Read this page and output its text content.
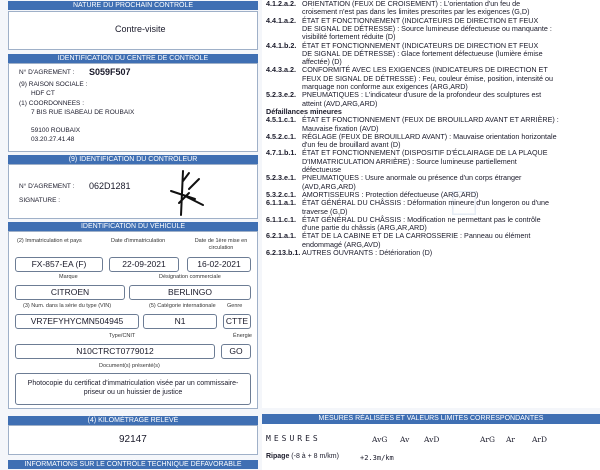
NATURE DU PROCHAIN CONTRÔLE
Contre-visite
IDENTIFICATION DU CENTRE DE CONTRÔLE
N° D'AGREMENT : S059F507
(9) RAISON SOCIALE :
HDF CT
(1) COORDONNEES :
7 BIS RUE ISABEAU DE ROUBAIX
59100 ROUBAIX
03.20.27.41.48
(9) IDENTIFICATION DU CONTRÔLEUR
N° D'AGREMENT : 062D1281
SIGNATURE :
IDENTIFICATION DU VÉHICULE
(2) Immatriculation et pays	Date d'immatriculation	Date de 1ère mise en circulation
FX-857-EA (F)	22-09-2021	16-02-2021
Marque	Désignation commerciale
CITROEN	BERLINGO
(3) Num. dans la série du type (VIN)	(5) Catégorie internationale Genre
VR7EFYHYCMN504945	N1	CTTE
Type/CNIT	Énergie
N10CTRCT0779012	GO
Document(s) présenté(s)
Photocopie du certificat d'immatriculation visée par un commissaire-priseur ou un huissier de justice
(4) KILOMÉTRAGE RELEVÉ
92147
INFORMATIONS SUR LE CONTRÔLE TECHNIQUE DÉFAVORABLE
□
4.1.2.a.2. ORIENTATION (FEUX DE CROISEMENT) : L'orientation d'un feu de
croisement n'est pas dans les limites prescrites par les exigences (G,D)
4.4.1.a.2. ÉTAT ET FONCTIONNEMENT (INDICATEURS DE DIRECTION ET FEUX
DE SIGNAL DE DÉTRESSE) : Source lumineuse défectueuse ou manquante :
visibilité fortement réduite (D)
4.4.1.b.2. ÉTAT ET FONCTIONNEMENT (INDICATEURS DE DIRECTION ET FEUX
DE SIGNAL DE DÉTRESSE) : Glace fortement défectueuse (lumière émise
affectée) (D)
4.4.3.a.2. CONFORMITÉ AVEC LES EXIGENCES (INDICATEURS DE DIRECTION ET
FEUX DE SIGNAL DE DÉTRESSE) : Feu, couleur émise, position, intensité ou
marquage non conforme aux exigences (ARG,ARD)
5.2.3.e.2. PNEUMATIQUES : L'indicateur d'usure de la profondeur des sculptures est
atteint (AVD,ARG,ARD)
Défaillances mineures
4.5.1.c.1. ÉTAT ET FONCTIONNEMENT (FEUX DE BROUILLARD AVANT ET ARRIÈRE) :
Mauvaise fixation (AVD)
4.5.2.c.1. RÉGLAGE (FEUX DE BROUILLARD AVANT) : Mauvaise orientation horizontale
d'un feu de brouillard avant (D)
4.7.1.b.1. ÉTAT ET FONCTIONNEMENT (DISPOSITIF D'ÉCLAIRAGE DE LA PLAQUE
D'IMMATRICULATION ARRIÈRE) : Source lumineuse partiellement
défectueuse
5.2.3.e.1. PNEUMATIQUES : Usure anormale ou présence d'un corps étranger
(AVD,ARG,ARD)
5.3.2.c.1. AMORTISSEURS : Protection défectueuse (ARG,ARD)
6.1.1.a.1. ÉTAT GÉNÉRAL DU CHÂSSIS : Déformation mineure d'un longeron ou d'une
traverse (G,D)
6.1.1.c.1. ÉTAT GÉNÉRAL DU CHÂSSIS : Modification ne permettant pas le contrôle
d'une partie du châssis (ARG,AR,ARD)
6.2.1.a.1. ÉTAT DE LA CABINE ET DE LA CARROSSERIE : Panneau ou élément
endommagé (ARG,AVD)
6.2.13.b.1. AUTRES OUVRANTS : Détérioration (D)
MESURES RÉALISÉES ET VALEURS LIMITES CORRESPONDANTES
MESURES	AvG Av AvD	ArG Ar ArD
Ripage (-8 à + 8 m/km)	+2.3m/km
